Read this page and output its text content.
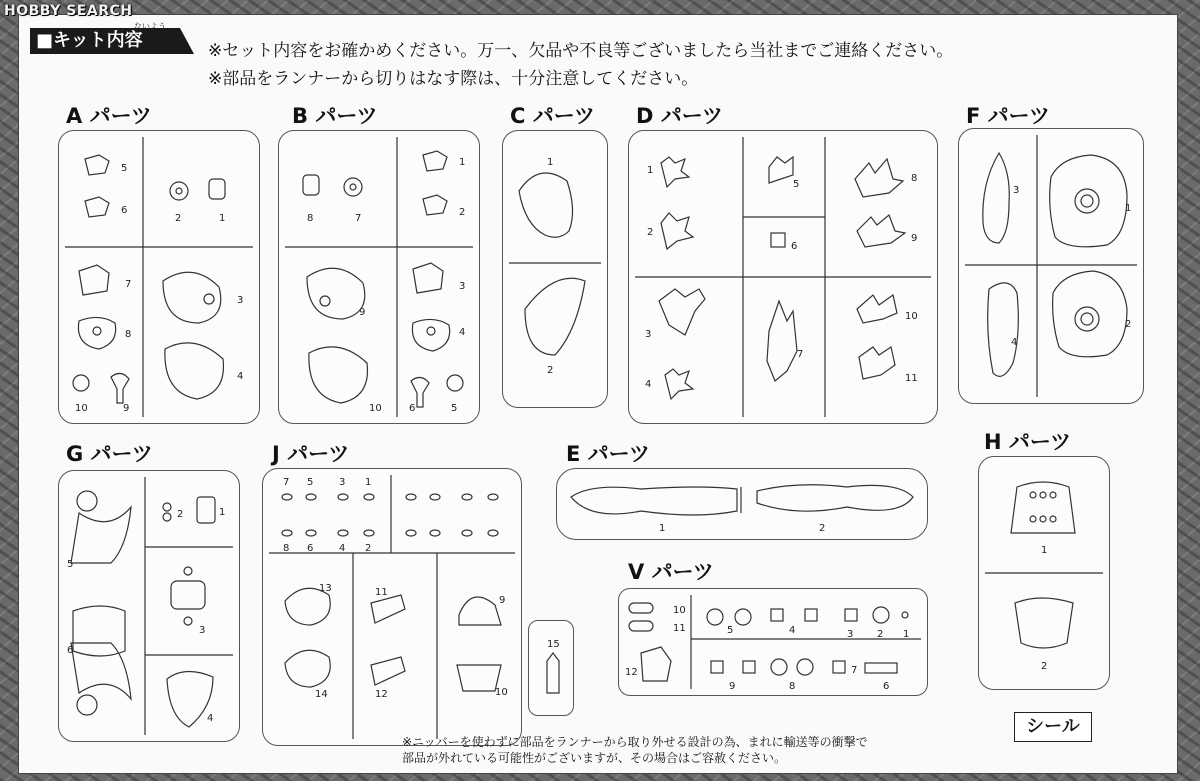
HOBBY SEARCH
■キット内容
ないよう
※セット内容をお確かめください。万一、欠品や不良等ございましたら当社までご連絡ください。
※部品をランナーから切りはなす際は、十分注意してください。
A パーツ
5
6
2	1
7
3
8
4
10	9
B パーツ
1
2
8	7
9
3
4
10	6	5
C パーツ
1
2
D パーツ
1
2
3
4
5
6
7
8
9
10
11
F パーツ
3
1
4
2
G パーツ
5
2	1
3
6
4
J パーツ
7 5	3 1
8 6	4 2
13	11
9
14	12	10
15
E パーツ
1	2
V パーツ
10
11	5	4	3 2 1
12
9	8
7
6
H パーツ
1
2
シール
※ニッパーを使わずに部品をランナーから取り外せる設計の為、まれに輸送等の衝撃で
部品が外れている可能性がございますが、その場合はご容赦ください。
